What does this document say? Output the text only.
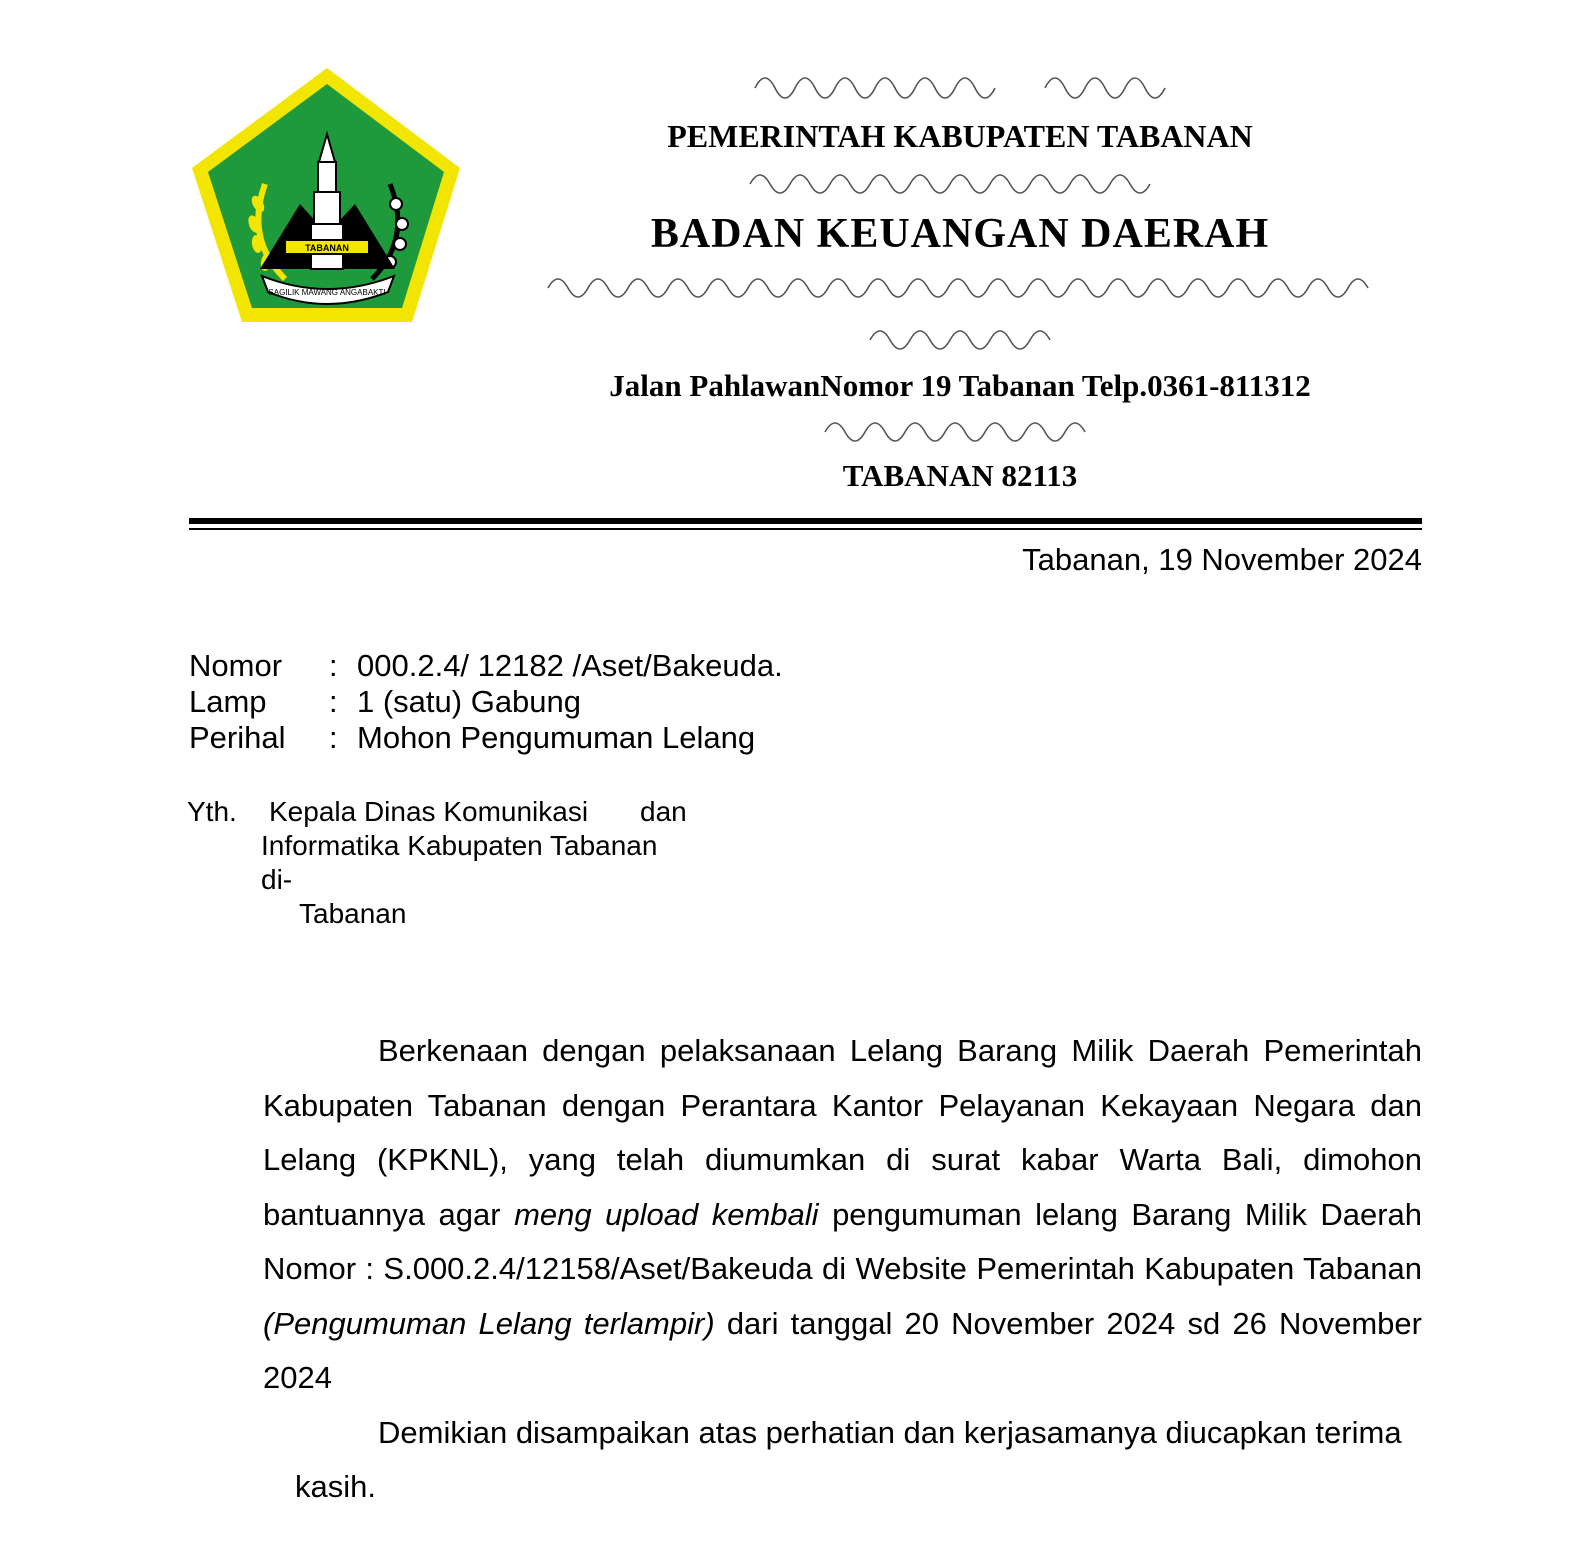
TABANAN
SAGILIK MAWANG ANGABAKTI
PEMERINTAH KABUPATEN TABANAN
BADAN KEUANGAN DAERAH
Jalan PahlawanNomor 19 Tabanan Telp.0361-811312
TABANAN 82113
Tabanan, 19 November 2024
Nomor	: 000.2.4/ 12182 /Aset/Bakeuda.
Lamp	: 1 (satu) Gabung
Perihal	: Mohon Pengumuman Lelang
Yth. Kepala Dinas Komunikasi dan
Informatika Kabupaten Tabanan
di-
Tabanan

Berkenaan dengan pelaksanaan Lelang Barang Milik Daerah Pemerintah Kabupaten Tabanan dengan Perantara Kantor Pelayanan Kekayaan Negara dan Lelang (KPKNL), yang telah diumumkan di surat kabar Warta Bali, dimohon bantuannya agar meng upload kembali pengumuman lelang Barang Milik Daerah Nomor : S.000.2.4/12158/Aset/Bakeuda di Website Pemerintah Kabupaten Tabanan (Pengumuman Lelang terlampir) dari tanggal 20 November 2024 sd 26 November 2024

Demikian disampaikan atas perhatian dan kerjasamanya diucapkan terima

kasih.
